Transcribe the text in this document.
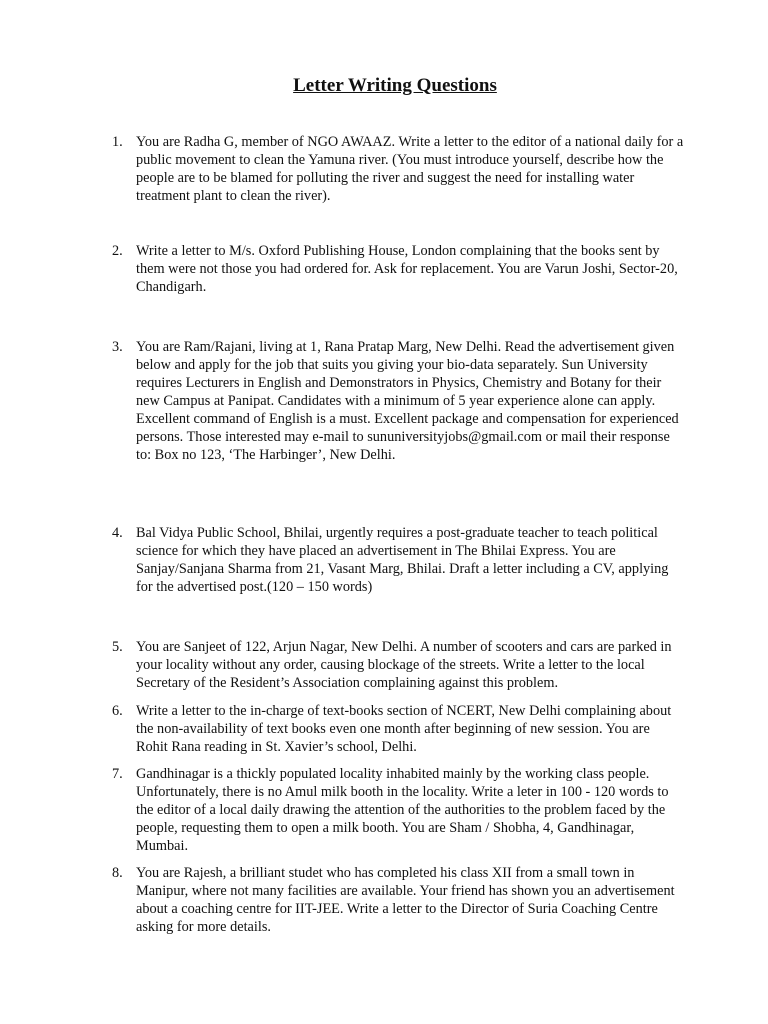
Letter Writing Questions
1. You are Radha G, member of NGO AWAAZ. Write a letter to the editor of a national daily for a public movement to clean the Yamuna river. (You must introduce yourself, describe how the people are to be blamed for polluting the river and suggest the need for installing water treatment plant to clean the river).
2. Write a letter to M/s. Oxford Publishing House, London complaining that the books sent by them were not those you had ordered for. Ask for replacement. You are Varun Joshi, Sector-20, Chandigarh.
3. You are Ram/Rajani, living at 1, Rana Pratap Marg, New Delhi. Read the advertisement given below and apply for the job that suits you giving your bio-data separately. Sun University requires Lecturers in English and Demonstrators in Physics, Chemistry and Botany for their new Campus at Panipat. Candidates with a minimum of 5 year experience alone can apply. Excellent command of English is a must. Excellent package and compensation for experienced persons. Those interested may e-mail to sununiversityjobs@gmail.com or mail their response to: Box no 123, ‘The Harbinger’, New Delhi.
4. Bal Vidya Public School, Bhilai, urgently requires a post-graduate teacher to teach political science for which they have placed an advertisement in The Bhilai Express. You are Sanjay/Sanjana Sharma from 21, Vasant Marg, Bhilai. Draft a letter including a CV, applying for the advertised post.(120 – 150 words)
5. You are Sanjeet of 122, Arjun Nagar, New Delhi. A number of scooters and cars are parked in your locality without any order, causing blockage of the streets. Write a letter to the local Secretary of the Resident’s Association complaining against this problem.
6. Write a letter to the in-charge of text-books section of NCERT, New Delhi complaining about the non-availability of text books even one month after beginning of new session. You are Rohit Rana reading in St. Xavier’s school, Delhi.
7. Gandhinagar is a thickly populated locality inhabited mainly by the working class people. Unfortunately, there is no Amul milk booth in the locality. Write a leter in 100 - 120 words to the editor of a local daily drawing the attention of the authorities to the problem faced by the people, requesting them to open a milk booth. You are Sham / Shobha, 4, Gandhinagar, Mumbai.
8. You are Rajesh, a brilliant studet who has completed his class XII from a small town in Manipur, where not many facilities are available. Your friend has shown you an advertisement about a coaching centre for IIT-JEE. Write a letter to the Director of Suria Coaching Centre asking for more details.
